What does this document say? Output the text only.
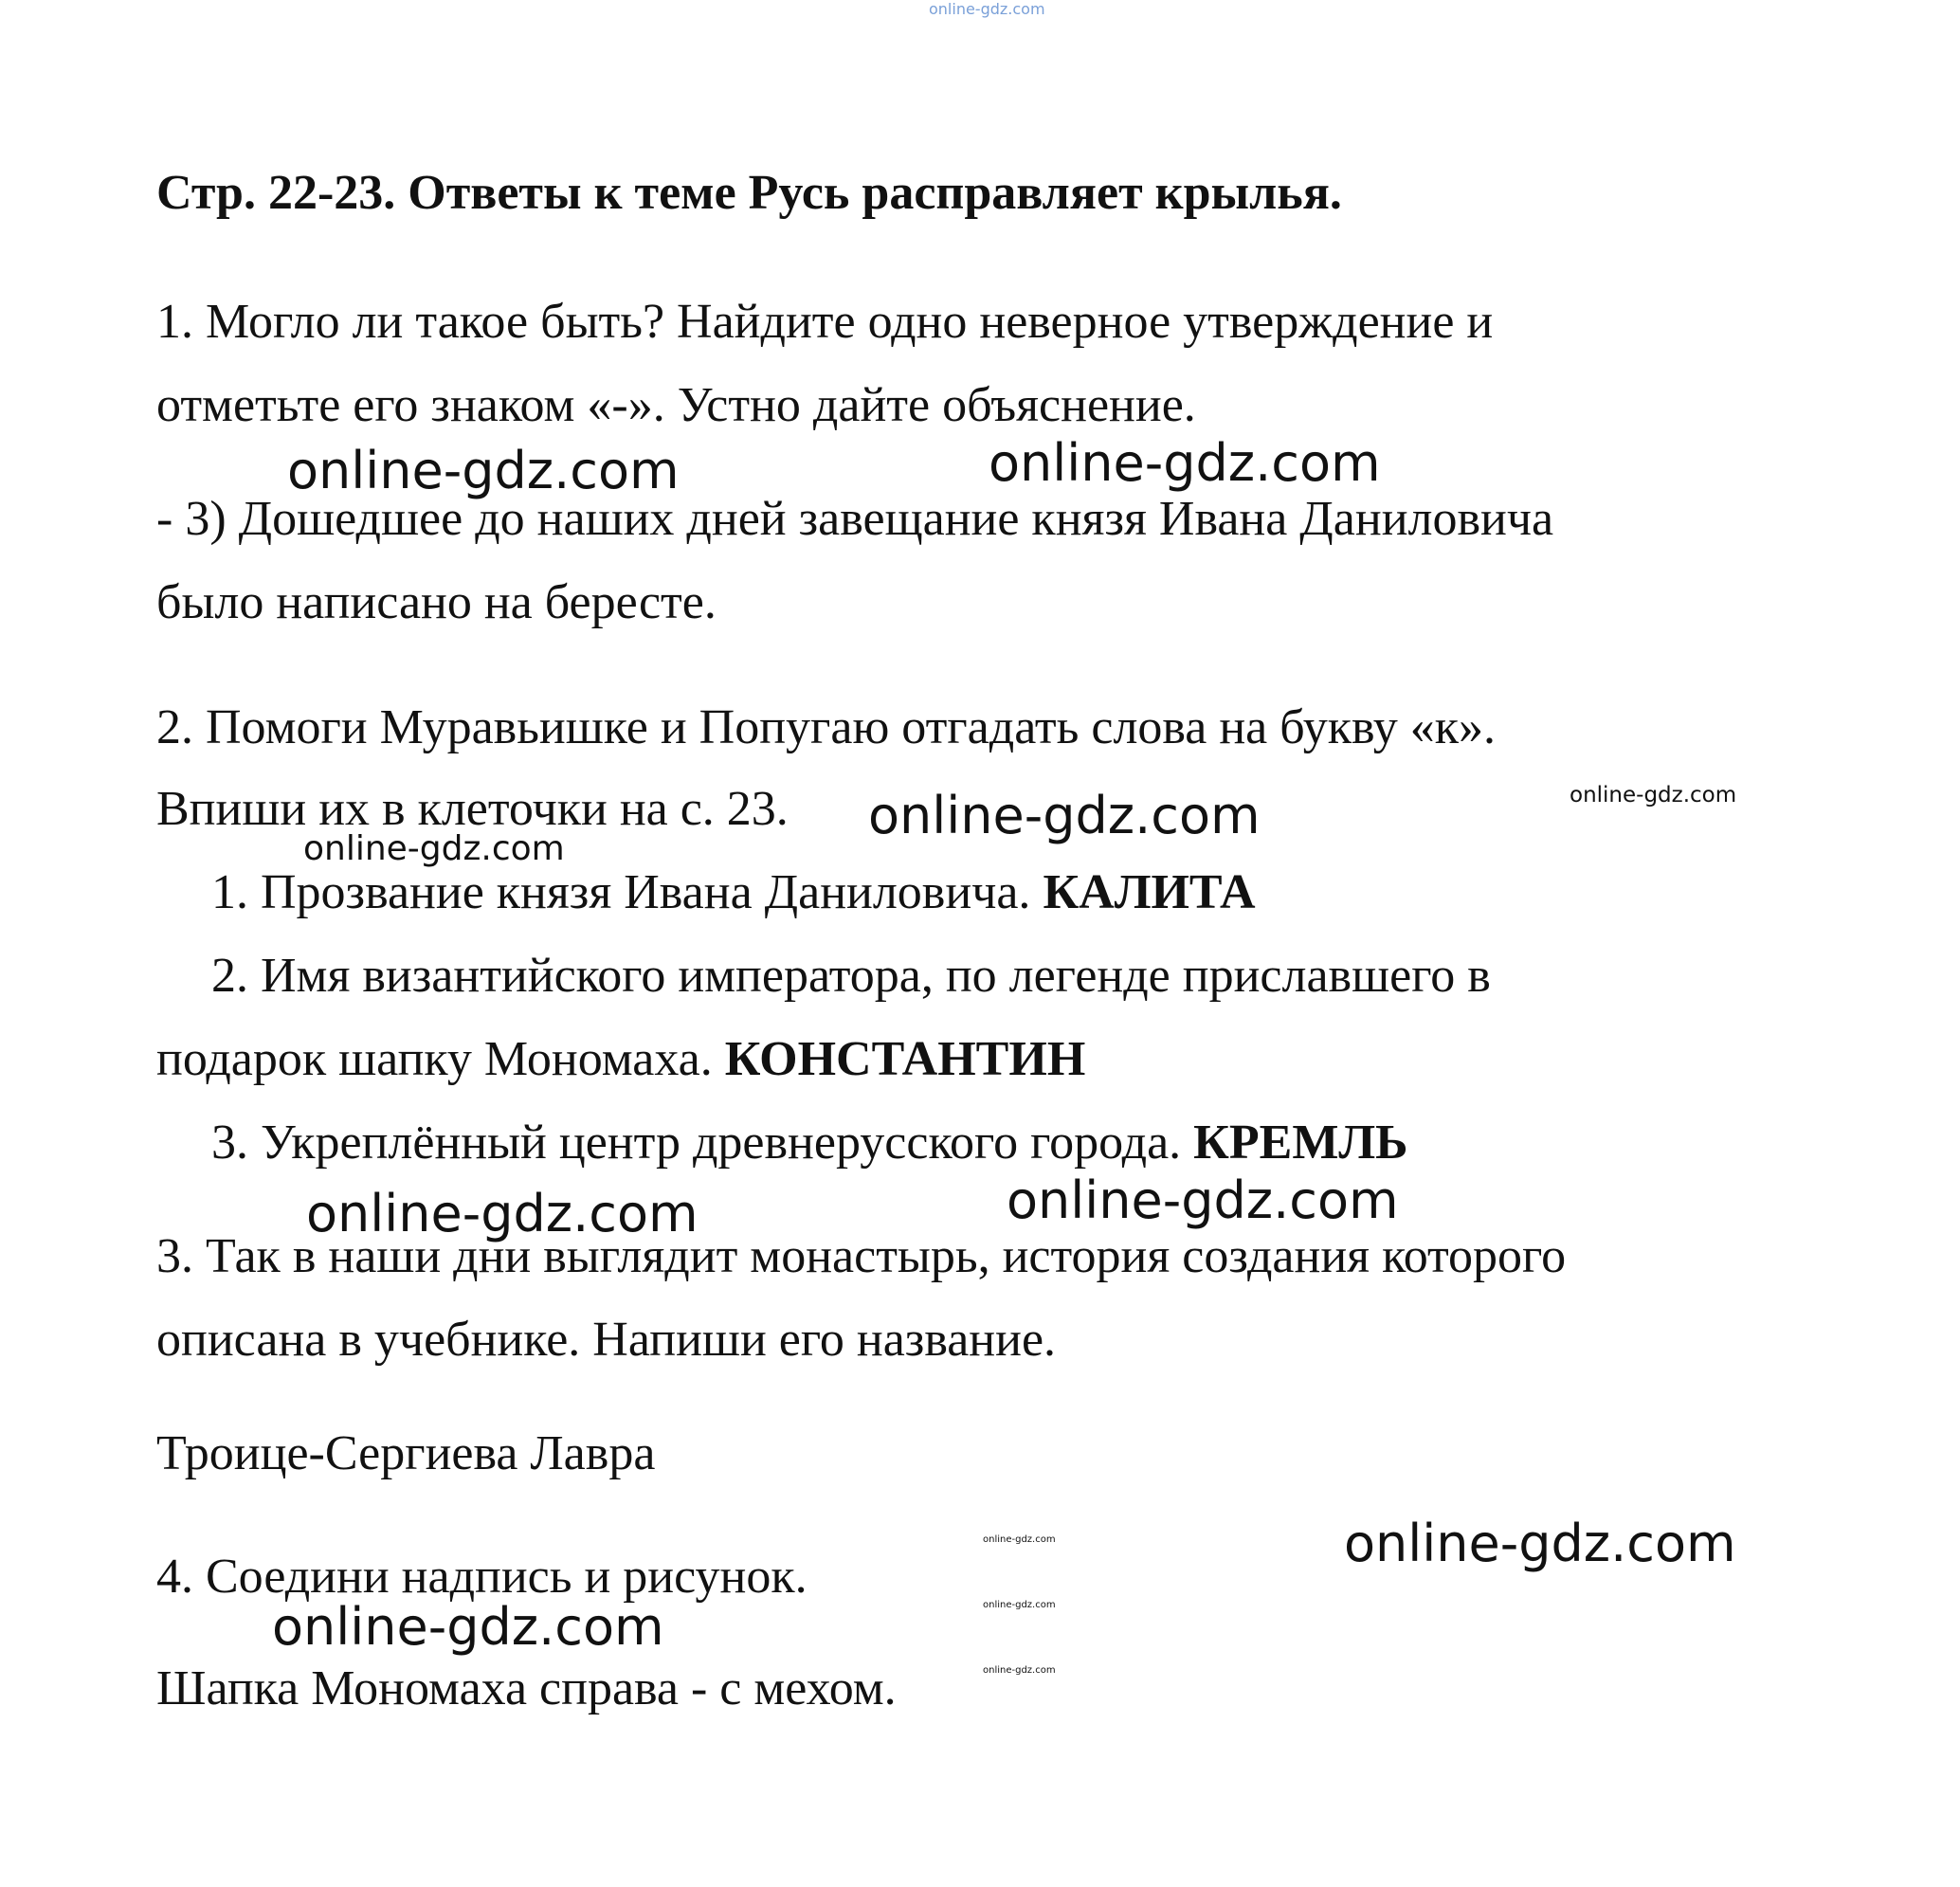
online-gdz.com
Стр. 22-23. Ответы к теме Русь расправляет крылья.
1. Могло ли такое быть? Найдите одно неверное утверждение и
отметьте его знаком «-». Устно дайте объяснение.
- 3) Дошедшее до наших дней завещание князя Ивана Даниловича
было написано на бересте.
2. Помоги Муравьишке и Попугаю отгадать слова на букву «к».
Впиши их в клеточки на с. 23.
1. Прозвание князя Ивана Даниловича. КАЛИТА
2. Имя византийского императора, по легенде приславшего в
подарок шапку Мономаха. КОНСТАНТИН
3. Укреплённый центр древнерусского города. КРЕМЛЬ
3. Так в наши дни выглядит монастырь, история создания которого
описана в учебнике. Напиши его название.
Троице-Сергиева Лавра
4. Соедини надпись и рисунок.
Шапка Мономаха справа - с мехом.
online-gdz.com	online-gdz.com
online-gdz.com
online-gdz.com
online-gdz.com
online-gdz.com	online-gdz.com
online-gdz.com
online-gdz.com
online-gdz.com
online-gdz.com
online-gdz.com
